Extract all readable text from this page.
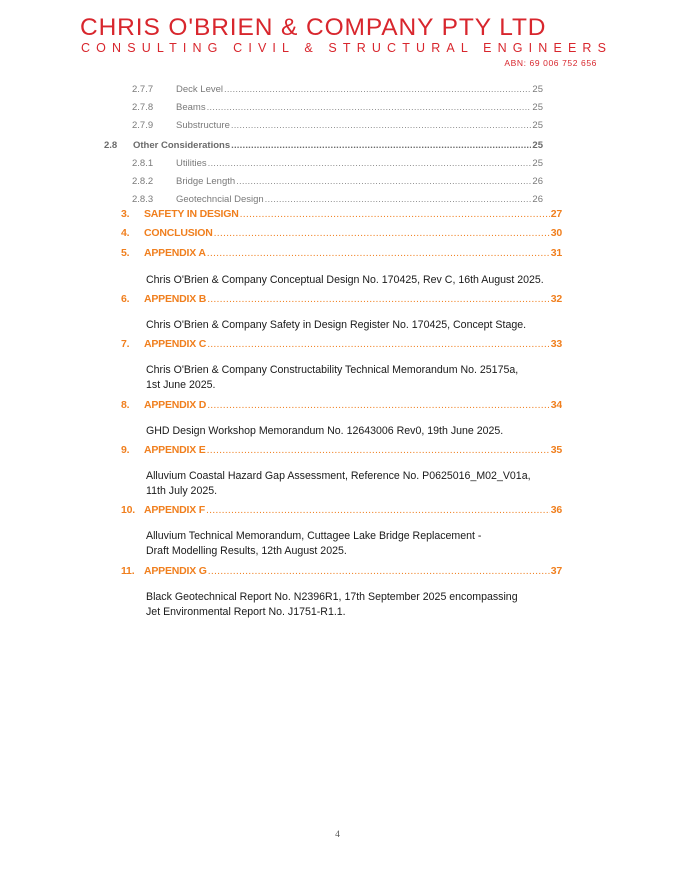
CHRIS O'BRIEN & COMPANY PTY LTD
CONSULTING CIVIL & STRUCTURAL ENGINEERS
ABN: 69 006 752 656
2.7.7	Deck Level .....	25
2.7.8	Beams .....	25
2.7.9	Substructure .....	25
2.8	Other Considerations .....	25
2.8.1	Utilities .....	25
2.8.2	Bridge Length .....	26
2.8.3	Geotechncial Design .....	26
3.	SAFETY IN DESIGN .....	27
4.	CONCLUSION .....	30
5.	APPENDIX A .....	31
Chris O'Brien & Company Conceptual Design No. 170425, Rev C, 16th August 2025.
6.	APPENDIX B .....	32
Chris O'Brien & Company Safety in Design Register No. 170425, Concept Stage.
7.	APPENDIX C .....	33
Chris O'Brien & Company Constructability Technical Memorandum No. 25175a,
1st June 2025.
8.	APPENDIX D .....	34
GHD Design Workshop Memorandum No. 12643006 Rev0, 19th June 2025.
9.	APPENDIX E .....	35
Alluvium Coastal Hazard Gap Assessment, Reference No. P0625016_M02_V01a,
11th July 2025.
10. APPENDIX F .....	36
Alluvium Technical Memorandum, Cuttagee Lake Bridge Replacement -
Draft Modelling Results, 12th August 2025.
11. APPENDIX G .....	37
Black Geotechnical Report No. N2396R1, 17th September 2025 encompassing
Jet Environmental Report No. J1751-R1.1.
4
